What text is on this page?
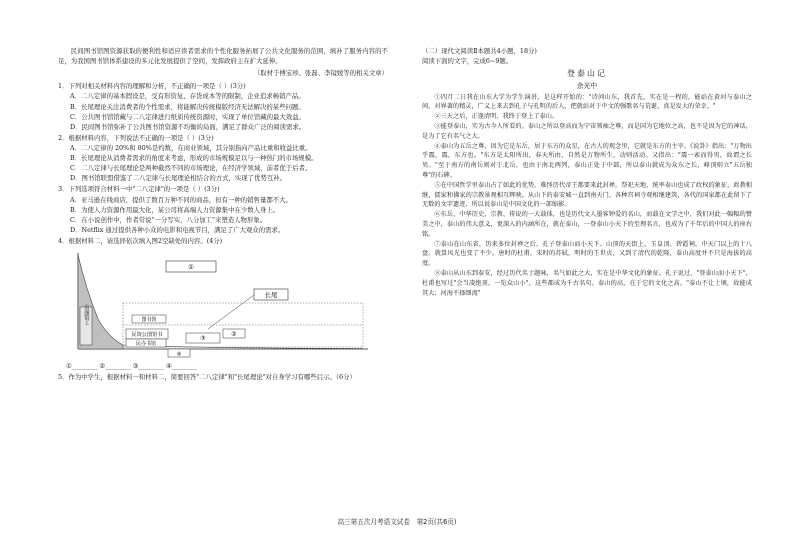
民间图书馆图资源获取的便利性和适应读者需求的个性化服务拓展了公共文化服务的范围，填补了服务内容的不足，为我国图书馆体系建设的多元化发展提供了空间，发挥政府主在扩大延伸。

（取材于傅宝珍、张磊、李镜媛等的相关文章）

1．下列对相关材料内容的理解和分析，不正确的一项是（ ）(3分)

A．二八定律的基本假设是，受有形资复、存货成本等的限制，企业追求畅销产品。

B．长尾理论关注消费者的个性需求，将能解决传统模版经济无法解决的某些问题。

C．公共图书馆馆藏与二八定律进行纸质传统资源时，实现了单位馆藏的最大效益。

D．民间图书馆弥补了公共图书馆资源不均衡的局面，满足了群众广泛的阅读需求。

2．根据材料内容，下列说法不正确的一项是（ ）(3分)

A．二八定律的 20%和 80%是约数，在商业领域，其分别指向产品比重和收益比重。

B．长尾理论从消费者需求的角度来考虑，形成的市场规模足以与一种热门的市场规模。

C．二八定律与长尾理论是两种截然不同的市场理论，在经济学领域，前者优于后者。

D．图书馆联盟借鉴了二八定律与长尾理论相结合的方式，实现了优势互补。

3．下列选项符合材料一中"二八定律"的一项是（ ）(3分)

A．亚马逊在线商店，提供了数百万种不同的商品，但有一种的销售量都不大。

B．为使人力资源作用最大化，某公司将高端人力资源集中在少数人身上。

C．在小说创作中，作者常说"一分写实，八分加工"来塑造人物形象。

D．Netflix 通过提供各种小众的电影和电视节目，满足了广大观众的需求。

4．根据材料二，请选择依次填入图2空缺处的内容。(4分)

长尾
①
公图馆工
民资公图馆书
民办书馆
③
④
②
图书馆

①________ ②________ ③________ ④________

5．作为中学生，根据材料一和材料二，简要回答"二八定律"和"长尾理论"对自身学习有哪些启示。（6分）

（二）现代文阅读Ⅱ本题共4小题，18分)

阅读下面的文字，完成6~9题。

登泰山记

余光中

①四月二日我在山东大学为学生演讲，是这样开始的："诗问山东，我首先，实在是一程的，能站在黄河与泰山之间，对界著的精灵，广义上来去到孔子与孔明的后人，把就站对于中文的强歌名与荒诞，真是发大的荣幸。"

②三天之后，正逢清明，我终于登上了泰山。

③能登泰山，实为古今人所看的。泰山之所以登高而为宁宙领袖之尊，而是国为它地位之高，也不是因为它的神话，是为了它有名气之大。

④泰山为五岳之尊，因为它是东岳，居于东方的众星，在古人的观念里，它就是东方的主宰。《说卦》指出："万物出乎震，震，东方也。"东方是太阳所出，春天所由，自然是万物所生，动则活动。又指出："震一索而得男，故谓之长男。"至于南方的南岳则对于北岳，也由于南北两列，泰山正处于中部，所以泰山就成为众东之长，峰顶则立"五岳独尊"的石碑。

⑤在中国哲学里泰山占了如此的优势，难怪历代帝王都要来此封禅，祭祀天地，统率泰山也成了政权的象征，政教相继，儒家和佛家的宗教景观相互辉映。从山下的泰安城一直到南天门，各种宫祠寺观相继建筑，各代的国家都在此留下了无数的文字遗迹，所以说泰山是中国文化的一部缩影。

⑥东岳，中华历史，宗教、传说的一大载体，也是历代文人墨客钟爱的名山，而载在文学之中，我们对此一幅幅的赞美之中，泰山的伟大意义，更深入的内涵所在，就在泰山，一登泰山小天下的至理名言，也成为了千年后的中国人的座右铭。

⑦泰山在山东省，历来多位封禅之后，孔子登泰山而小天下。山顶的天街上，玉皇顶、碧霞祠，中天门以上的十八盘。就算风光也变了不少。唐时的杜甫，宋时的苏轼，明时的王世贞，又到了清代的乾隆，泰山高度并不只是海拔的高度。

⑧泰山从山东到泰安，经过历代名士题咏，名气如此之大，实在是中华文化的象征。孔子说过，"登泰山而小天下"，杜甫也写过"会当凌绝顶，一览众山小"，这些都成为千古名句。泰山的高，在于它的文化之高。"泰山不让土壤，故能成其大；河海不择细流"

高三第五次月考语文试卷　第2页(共6页)
